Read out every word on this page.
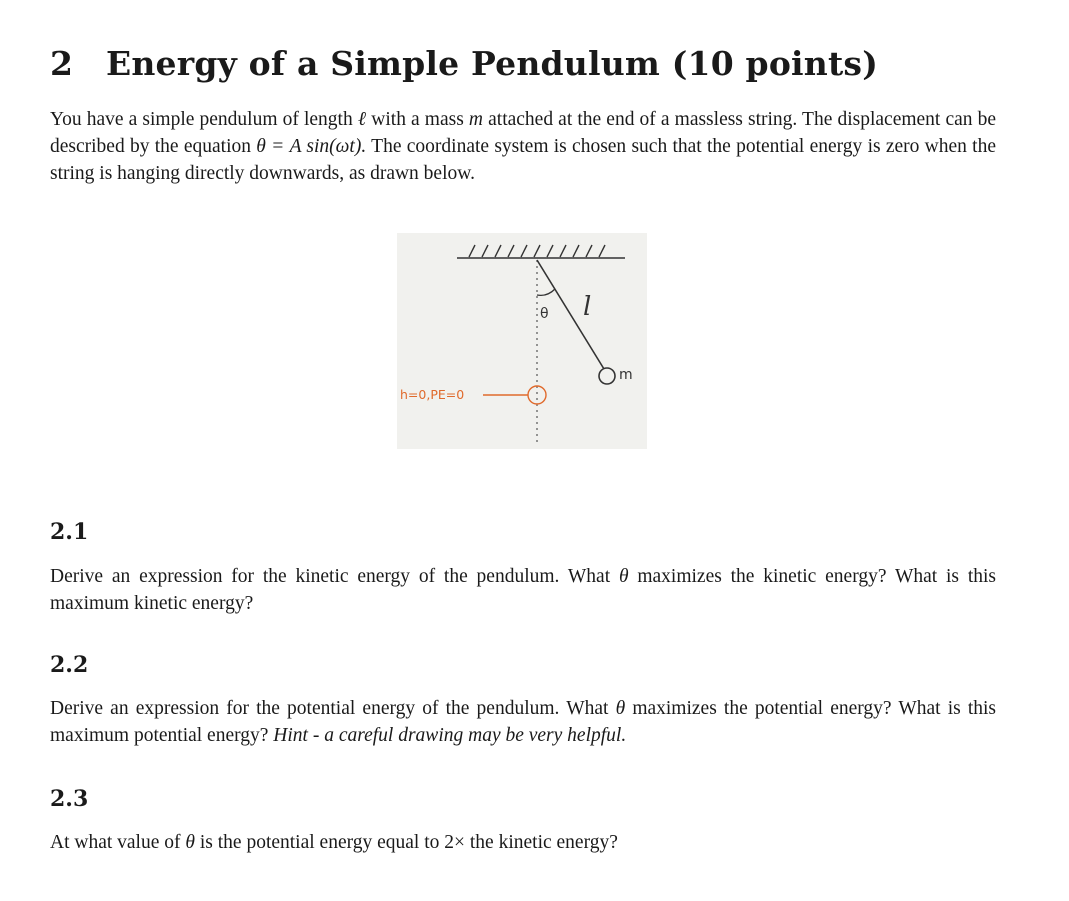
2 Energy of a Simple Pendulum (10 points)

You have a simple pendulum of length ℓ with a mass m attached at the end of a massless string. The displacement can be described by the equation θ = A sin(ωt). The coordinate system is chosen such that the potential energy is zero when the string is hanging directly downwards, as drawn below.

θ l
m
h=0,PE=0
2.1

Derive an expression for the kinetic energy of the pendulum. What θ maximizes the kinetic energy? What is this maximum kinetic energy?

2.2

Derive an expression for the potential energy of the pendulum. What θ maximizes the potential energy? What is this maximum potential energy? Hint - a careful drawing may be very helpful.

2.3

At what value of θ is the potential energy equal to 2× the kinetic energy?
